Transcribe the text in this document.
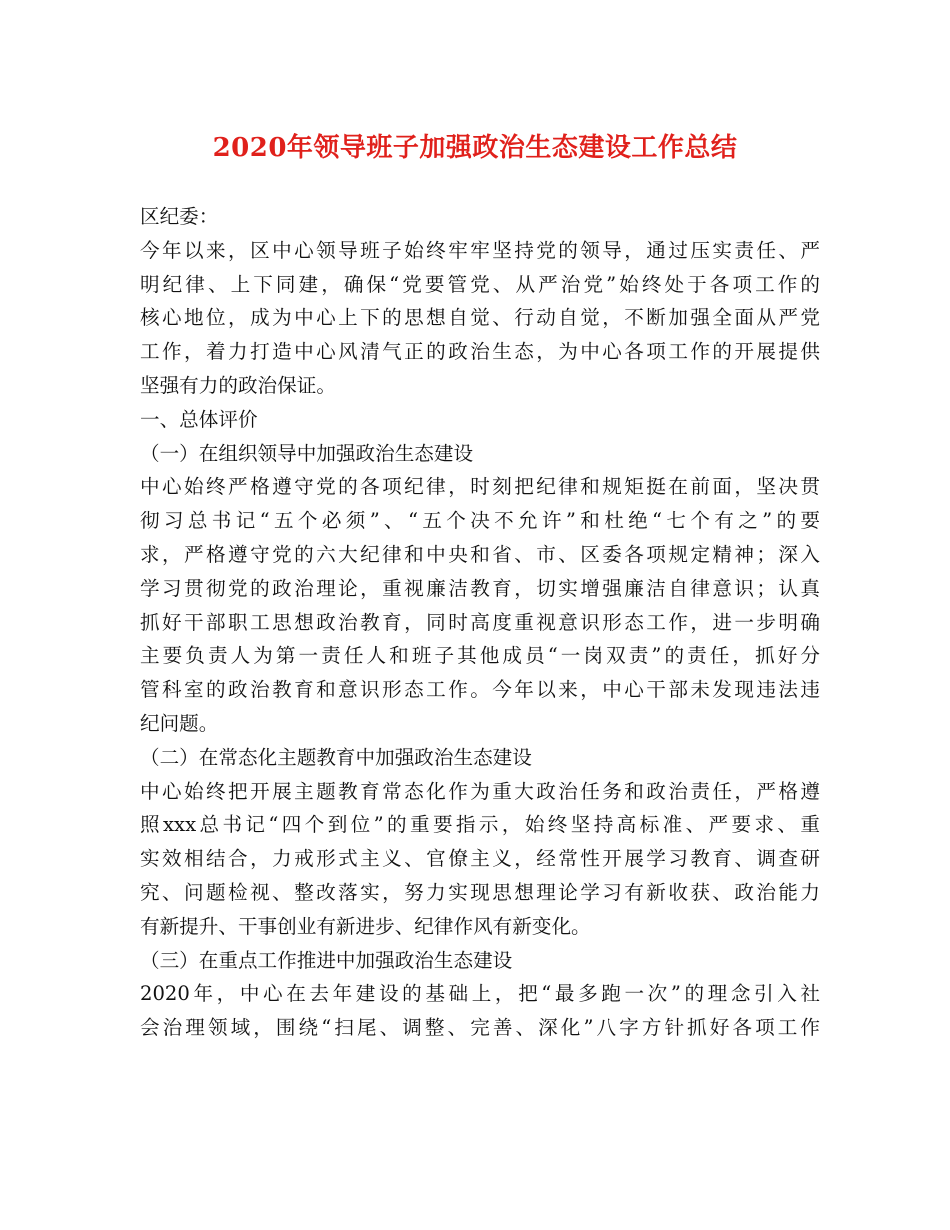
2020年领导班子加强政治生态建设工作总结
区纪委：
今年以来，区中心领导班子始终牢牢坚持党的领导，通过压实责任、严
明纪律、上下同建，确保“党要管党、从严治党”始终处于各项工作的
核心地位，成为中心上下的思想自觉、行动自觉，不断加强全面从严党
工作，着力打造中心风清气正的政治生态，为中心各项工作的开展提供
坚强有力的政治保证。
一、总体评价
（一）在组织领导中加强政治生态建设
中心始终严格遵守党的各项纪律，时刻把纪律和规矩挺在前面，坚决贯
彻习总书记“五个必须”、“五个决不允许”和杜绝“七个有之”的要
求，严格遵守党的六大纪律和中央和省、市、区委各项规定精神；深入
学习贯彻党的政治理论，重视廉洁教育，切实增强廉洁自律意识；认真
抓好干部职工思想政治教育，同时高度重视意识形态工作，进一步明确
主要负责人为第一责任人和班子其他成员“一岗双责”的责任，抓好分
管科室的政治教育和意识形态工作。今年以来，中心干部未发现违法违
纪问题。
（二）在常态化主题教育中加强政治生态建设
中心始终把开展主题教育常态化作为重大政治任务和政治责任，严格遵
照xxx总书记“四个到位”的重要指示，始终坚持高标准、严要求、重
实效相结合，力戒形式主义、官僚主义，经常性开展学习教育、调查研
究、问题检视、整改落实，努力实现思想理论学习有新收获、政治能力
有新提升、干事创业有新进步、纪律作风有新变化。
（三）在重点工作推进中加强政治生态建设
2020年，中心在去年建设的基础上，把“最多跑一次”的理念引入社
会治理领域，围绕“扫尾、调整、完善、深化”八字方针抓好各项工作
